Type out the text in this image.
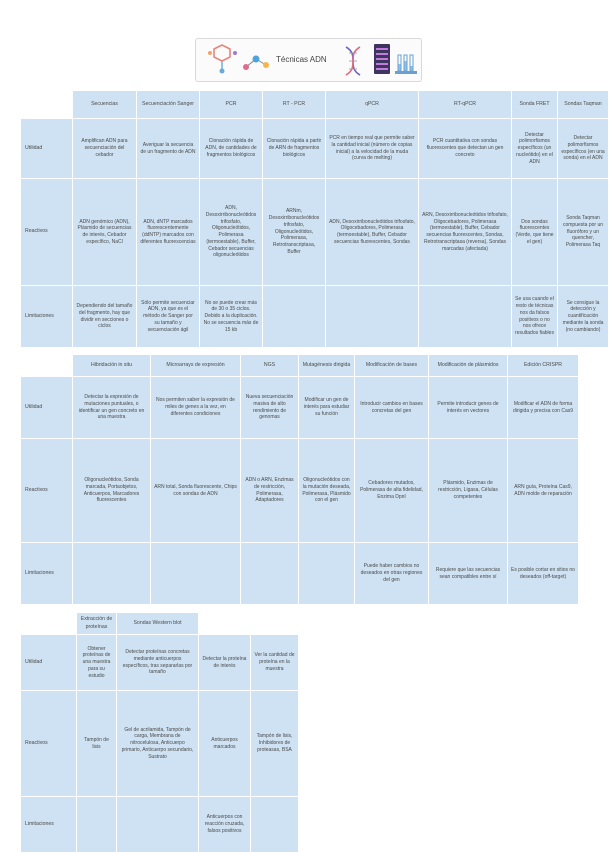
Técnicas ADN
	Secuencias	Secuenciación Sanger	PCR	RT - PCR	qPCR	RT-qPCR	Sonda FRET	Sondas Taqman
Utilidad	Amplifican ADN para secuenciación del cebador	Averiguar la secuencia de un fragmento de ADN	Clonación rápida de ADN, de cantidades de fragmentos biológicos	Clonación rápida a partir de ARN de fragmentos biológicos	PCR en tiempo real que permite saber la cantidad inicial (número de copias inicial) a la velocidad de la muda (curva de melting)	PCR cuantitativa con sondas fluorescentes que detectan un gen concreto	Detectar polimorfismos específicos (un nucleótido) en el ADN	Detectar polimorfismos específicos (en una sonda) en el ADN
Reactivos	ADN genómico (ADN), Plásmido de secuencias de interés, Cebador específico, NaCl	ADN, dNTP marcados fluorescentemente (ddNTP) marcados con diferentes fluorescencias	ADN, Desoxirribonucleótidos trifosfato, Oligonucleótidos, Polimerasa (termoestable), Buffer, Cebador secuencias oligonucleótidos	ARNm, Desoxirribonucleótidos trifosfato, Oligonucleótidos, Polimerasa, Retrotranscriptasa, Buffer	ADN, Desoxirribonucleótidos trifosfato, Oligocebadores, Polimerasa (termoestable), Buffer, Cebador secuencias fluorescentes, Sondas	ARN, Desoxirribonucleótidos trifosfato, Oligocebadores, Polimerasa (termoestable), Buffer, Cebador secuencias fluorescentes, Sondas, Retrotranscriptasa (reversa), Sondas marcadas (afectada)	Dos sondas fluorescentes (Verde, que tiene el gen)	Sonda Taqman compuesta por un fluoróforo y un quencher, Polimerasa Taq
Limitaciones	Dependiendo del tamaño del fragmento, hay que dividir en secciones o ciclos	Sólo permite secuenciar ADN, ya que es el método de Sanger por su tamaño y secuenciación ágil	No se puede crear más de 30 o 35 ciclos. Debido a la duplicación. No se secuencia más de 15 kb				Se usa cuando el resto de técnicas nos da falsos positivos o no nos ofrece resultados fiables	Se consigue la detección y cuantificación mediante la sonda (no cambiando)
	Hibridación in situ	Microarrays de expresión	NGS	Mutagénesis dirigida	Modificación de bases	Modificación de plásmidos	Edición CRISPR
Utilidad	Detectar la expresión de mutaciones puntuales, o identificar un gen concreto en una muestra	Nos permiten saber la expresión de miles de genes a la vez, en diferentes condiciones	Nueva secuenciación masiva de alto rendimiento de genomas	Modificar un gen de interés para estudiar su función	Introducir cambios en bases concretas del gen	Permite introducir genes de interés en vectores	Modificar el ADN de forma dirigida y precisa con Cas9
Reactivos	Oligonucleótidos, Sonda marcada, Portaobjetos, Anticuerpos, Marcadores fluorescentes	ARN total, Sonda fluorescente, Chips con sondas de ADN	ADN o ARN, Enzimas de restricción, Polimerasa, Adaptadores	Oligonucleótidos con la mutación deseada, Polimerasa, Plásmido con el gen	Cebadores mutados, Polimerasa de alta fidelidad, Enzima DpnI	Plásmido, Enzimas de restricción, Ligasa, Células competentes	ARN guía, Proteína Cas9, ADN molde de reparación
Limitaciones					Puede haber cambios no deseados en otras regiones del gen	Requiere que las secuencias sean compatibles entre sí	Es posible cortar en sitios no deseados (off-target)
	Extracción de proteínas	Sondas Western blot		
Utilidad	Obtener proteínas de una muestra para su estudio	Detectar proteínas concretas mediante anticuerpos específicos, tras separarlas por tamaño	Detectar la proteína de interés	Ver la cantidad de proteína en la muestra
Reactivos	Tampón de lisis	Gel de acrilamida, Tampón de carga, Membrana de nitrocelulosa, Anticuerpo primario, Anticuerpo secundario, Sustrato	Anticuerpos marcados	Tampón de lisis, Inhibidores de proteasas, BSA
Limitaciones			Anticuerpos con reacción cruzada, falsos positivos	
